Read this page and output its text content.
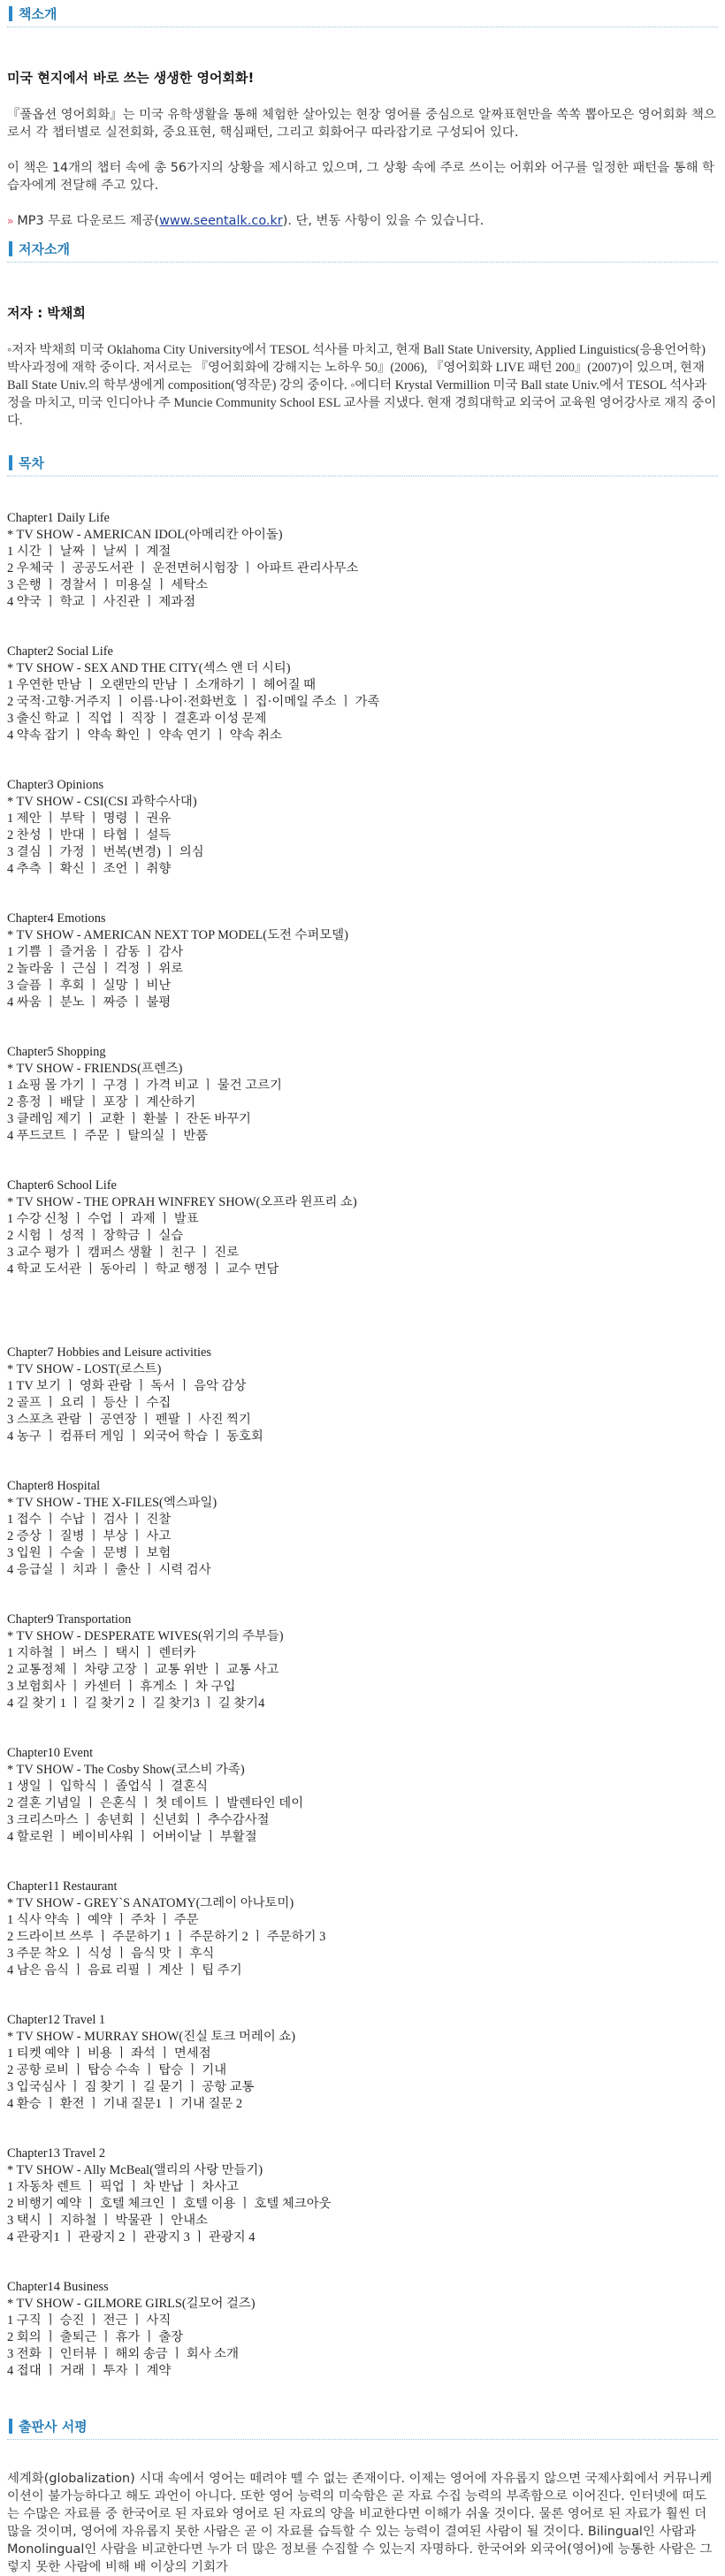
책소개
미국 현지에서 바로 쓰는 생생한 영어회화!

『풀옵션 영어회화』는 미국 유학생활을 통해 체험한 살아있는 현장 영어를 중심으로 알짜표현만을 쏙쏙 뽑아모은 영어회화 책으로서 각 챕터별로 실전회화, 중요표현, 핵심패턴, 그리고 회화어구 따라잡기로 구성되어 있다.

이 책은 14개의 챕터 속에 총 56가지의 상황을 제시하고 있으며, 그 상황 속에 주로 쓰이는 어휘와 어구를 일정한 패턴을 통해 학습자에게 전달해 주고 있다.

» MP3 무료 다운로드 제공(www.seentalk.co.kr). 단, 변동 사항이 있을 수 있습니다.

저자소개
저자 : 박채희

◦저자 박채희 미국 Oklahoma City University에서 TESOL 석사를 마치고, 현재 Ball State University, Applied Linguistics(응용언어학) 박사과정에 재학 중이다. 저서로는 『영어회화에 강해지는 노하우 50』(2006), 『영어회화 LIVE 패턴 200』(2007)이 있으며, 현재 Ball State Univ.의 학부생에게 composition(영작문) 강의 중이다. ◦에디터 Krystal Vermillion 미국 Ball state Univ.에서 TESOL 석사과정을 마치고, 미국 인디아나 주 Muncie Community School ESL 교사를 지냈다. 현재 경희대학교 외국어 교육원 영어강사로 재직 중이다.

목차
Chapter1 Daily Life
* TV SHOW - AMERICAN IDOL(아메리칸 아이돌)
1 시간 ㅣ 날짜 ㅣ 날씨 ㅣ 계절
2 우체국 ㅣ 공공도서관 ㅣ 운전면허시험장 ㅣ 아파트 관리사무소
3 은행 ㅣ 경찰서 ㅣ 미용실 ㅣ 세탁소
4 약국 ㅣ 학교 ㅣ 사진관 ㅣ 제과점
Chapter2 Social Life
* TV SHOW - SEX AND THE CITY(섹스 앤 더 시티)
1 우연한 만남 ㅣ 오랜만의 만남 ㅣ 소개하기 ㅣ 헤어질 때
2 국적·고향·거주지 ㅣ 이름·나이·전화번호 ㅣ 집·이메일 주소 ㅣ 가족
3 출신 학교 ㅣ 직업 ㅣ 직장 ㅣ 결혼과 이성 문제
4 약속 잡기 ㅣ 약속 확인 ㅣ 약속 연기 ㅣ 약속 취소
Chapter3 Opinions
* TV SHOW - CSI(CSI 과학수사대)
1 제안 ㅣ 부탁 ㅣ 명령 ㅣ 권유
2 찬성 ㅣ 반대 ㅣ 타협 ㅣ 설득
3 결심 ㅣ 가정 ㅣ 번복(변경) ㅣ 의심
4 추측 ㅣ 확신 ㅣ 조언 ㅣ 취향
Chapter4 Emotions
* TV SHOW - AMERICAN NEXT TOP MODEL(도전 수퍼모델)
1 기쁨 ㅣ 즐거움 ㅣ 감동 ㅣ 감사
2 놀라움 ㅣ 근심 ㅣ 걱정 ㅣ 위로
3 슬픔 ㅣ 후회 ㅣ 실망 ㅣ 비난
4 싸움 ㅣ 분노 ㅣ 짜증 ㅣ 불평
Chapter5 Shopping
* TV SHOW - FRIENDS(프렌즈)
1 쇼핑 몰 가기 ㅣ 구경 ㅣ 가격 비교 ㅣ 물건 고르기
2 흥정 ㅣ 배달 ㅣ 포장 ㅣ 계산하기
3 클레임 제기 ㅣ 교환 ㅣ 환불 ㅣ 잔돈 바꾸기
4 푸드코트 ㅣ 주문 ㅣ 탈의실 ㅣ 반품
Chapter6 School Life
* TV SHOW - THE OPRAH WINFREY SHOW(오프라 윈프리 쇼)
1 수강 신청 ㅣ 수업 ㅣ 과제 ㅣ 발표
2 시험 ㅣ 성적 ㅣ 장학금 ㅣ 실습
3 교수 평가 ㅣ 캠퍼스 생활 ㅣ 친구 ㅣ 진로
4 학교 도서관 ㅣ 동아리 ㅣ 학교 행정 ㅣ 교수 면담
Chapter7 Hobbies and Leisure activities
* TV SHOW - LOST(로스트)
1 TV 보기 ㅣ 영화 관람 ㅣ 독서 ㅣ 음악 감상
2 골프 ㅣ 요리 ㅣ 등산 ㅣ 수집
3 스포츠 관람 ㅣ 공연장 ㅣ 펜팔 ㅣ 사진 찍기
4 농구 ㅣ 컴퓨터 게임 ㅣ 외국어 학습 ㅣ 동호회
Chapter8 Hospital
* TV SHOW - THE X-FILES(엑스파일)
1 접수 ㅣ 수납 ㅣ 검사 ㅣ 진찰
2 증상 ㅣ 질병 ㅣ 부상 ㅣ 사고
3 입원 ㅣ 수술 ㅣ 문병 ㅣ 보험
4 응급실 ㅣ 치과 ㅣ 출산 ㅣ 시력 검사
Chapter9 Transportation
* TV SHOW - DESPERATE WIVES(위기의 주부들)
1 지하철 ㅣ 버스 ㅣ 택시 ㅣ 렌터카
2 교통정체 ㅣ 차량 고장 ㅣ 교통 위반 ㅣ 교통 사고
3 보험회사 ㅣ 카센터 ㅣ 휴게소 ㅣ 차 구입
4 길 찾기 1 ㅣ 길 찾기 2 ㅣ 길 찾기3 ㅣ 길 찾기4
Chapter10 Event
* TV SHOW - The Cosby Show(코스비 가족)
1 생일 ㅣ 입학식 ㅣ 졸업식 ㅣ 결혼식
2 결혼 기념일 ㅣ 은혼식 ㅣ 첫 데이트 ㅣ 발렌타인 데이
3 크리스마스 ㅣ 송년회 ㅣ 신년회 ㅣ 추수감사절
4 할로윈 ㅣ 베이비샤워 ㅣ 어버이날 ㅣ 부활절
Chapter11 Restaurant
* TV SHOW - GREY`S ANATOMY(그레이 아나토미)
1 식사 약속 ㅣ 예약 ㅣ 주차 ㅣ 주문
2 드라이브 쓰루 ㅣ 주문하기 1 ㅣ 주문하기 2 ㅣ 주문하기 3
3 주문 착오 ㅣ 식성 ㅣ 음식 맛 ㅣ 후식
4 남은 음식 ㅣ 음료 리필 ㅣ 계산 ㅣ 팁 주기
Chapter12 Travel 1
* TV SHOW - MURRAY SHOW(진실 토크 머레이 쇼)
1 티켓 예약 ㅣ 비용 ㅣ 좌석 ㅣ 면세점
2 공항 로비 ㅣ 탑승 수속 ㅣ 탑승 ㅣ 기내
3 입국심사 ㅣ 짐 찾기 ㅣ 길 묻기 ㅣ 공항 교통
4 환승 ㅣ 환전 ㅣ 기내 질문1 ㅣ 기내 질문 2
Chapter13 Travel 2
* TV SHOW - Ally McBeal(앨리의 사랑 만들기)
1 자동차 렌트 ㅣ 픽업 ㅣ 차 반납 ㅣ 차사고
2 비행기 예약 ㅣ 호텔 체크인 ㅣ 호텔 이용 ㅣ 호텔 체크아웃
3 택시 ㅣ 지하철 ㅣ 박물관 ㅣ 안내소
4 관광지1 ㅣ 관광지 2 ㅣ 관광지 3 ㅣ 관광지 4
Chapter14 Business
* TV SHOW - GILMORE GIRLS(길모어 걸즈)
1 구직 ㅣ 승진 ㅣ 전근 ㅣ 사직
2 회의 ㅣ 출퇴근 ㅣ 휴가 ㅣ 출장
3 전화 ㅣ 인터뷰 ㅣ 해외 송금 ㅣ 회사 소개
4 접대 ㅣ 거래 ㅣ 투자 ㅣ 계약
출판사 서평

세계화(globalization) 시대 속에서 영어는 떼려야 뗄 수 없는 존재이다. 이제는 영어에 자유롭지 않으면 국제사회에서 커뮤니케이션이 불가능하다고 해도 과언이 아니다. 또한 영어 능력의 미숙함은 곧 자료 수집 능력의 부족함으로 이어진다. 인터넷에 떠도는 수많은 자료를 중 한국어로 된 자료와 영어로 된 자료의 양을 비교한다면 이해가 쉬울 것이다. 물론 영어로 된 자료가 훨씬 더 많을 것이며, 영어에 자유롭지 못한 사람은 곧 이 자료를 습득할 수 있는 능력이 결여된 사람이 될 것이다. Bilingual인 사람과 Monolingual인 사람을 비교한다면 누가 더 많은 정보를 수집할 수 있는지 자명하다. 한국어와 외국어(영어)에 능통한 사람은 그렇지 못한 사람에 비해 배 이상의 기회가
